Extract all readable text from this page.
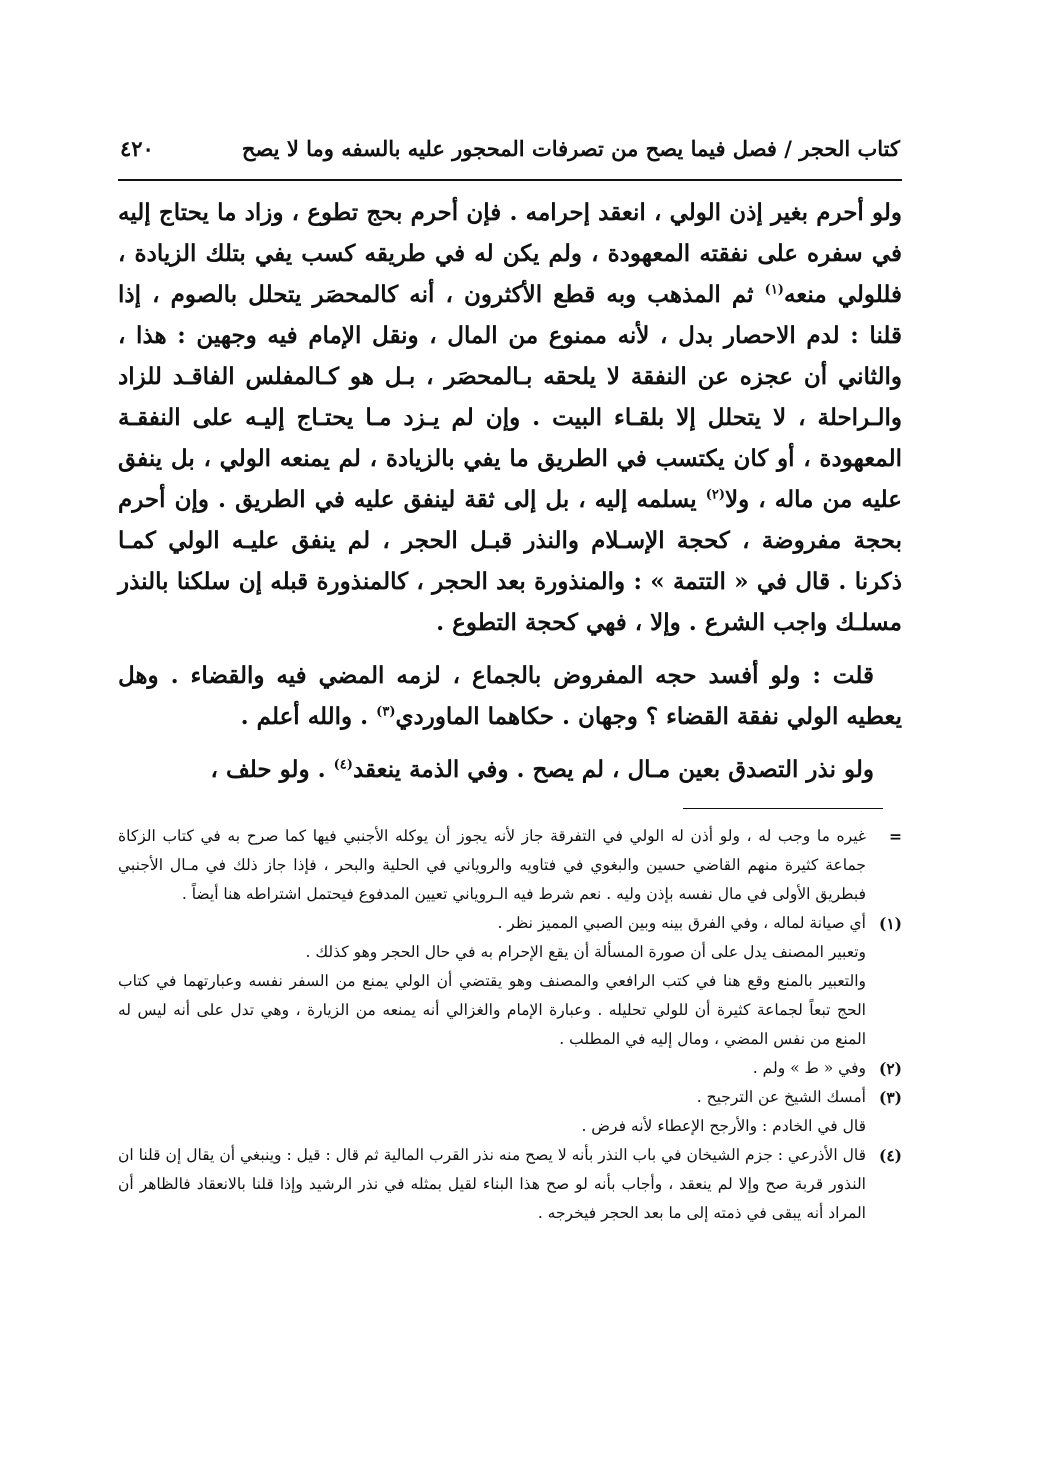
كتاب الحجر / فصل فيما يصح من تصرفات المحجور عليه بالسفه وما لا يصح
٤٢٠

ولو أحرم بغير إذن الولي ، انعقد إحرامه . فإن أحرم بحج تطوع ، وزاد ما يحتاج إليه في سفره على نفقته المعهودة ، ولم يكن له في طريقه كسب يفي بتلك الزيادة ، فللولي منعه$^{(١)}$ ثم المذهب وبه قطع الأكثرون ، أنه كالمحصَر يتحلل بالصوم ، إذا قلنا : لدم الاحصار بدل ، لأنه ممنوع من المال ، ونقل الإمام فيه وجهين : هذا ، والثاني أن عجزه عن النفقة لا يلحقه بـالمحصَر ، بـل هو كـالمفلس الفاقـد للزاد والـراحلة ، لا يتحلل إلا بلقـاء البيت . وإن لم يـزد مـا يحتـاج إليـه على النفقـة المعهودة ، أو كان يكتسب في الطريق ما يفي بالزيادة ، لم يمنعه الولي ، بل ينفق عليه من ماله ، ولا$^{(٢)}$ يسلمه إليه ، بل إلى ثقة لينفق عليه في الطريق . وإن أحرم بحجة مفروضة ، كحجة الإسـلام والنذر قبـل الحجر ، لم ينفق عليـه الولي كمـا ذكرنا . قال في « التتمة » : والمنذورة بعد الحجر ، كالمنذورة قبله إن سلكنا بالنذر مسلـك واجب الشرع . وإلا ، فهي كحجة التطوع .

قلت : ولو أفسد حجه المفروض بالجماع ، لزمه المضي فيه والقضاء . وهل يعطيه الولي نفقة القضاء ؟ وجهان . حكاهما الماوردي$^{(٣)}$ . والله أعلم .

ولو نذر التصدق بعين مـال ، لم يصح . وفي الذمة ينعقد$^{(٤)}$ . ولو حلف ،

=

غيره ما وجب له ، ولو أذن له الولي في التفرقة جاز لأنه يجوز أن يوكله الأجنبي فيها كما صرح به في كتاب الزكاة جماعة كثيرة منهم القاضي حسين والبغوي في فتاويه والروياني في الحلية والبحر ، فإذا جاز ذلك في مـال الأجنبي فبطريق الأولى في مال نفسه بإذن وليه . نعم شرط فيه الـروياني تعيين المدفوع فيحتمل اشتراطه هنا أيضاً .

(١)

أي صيانة لماله ، وفي الفرق بينه وبين الصبي المميز نظر .

وتعبير المصنف يدل على أن صورة المسألة أن يقع الإحرام به في حال الحجر وهو كذلك .

والتعبير بالمنع وقع هنا في كتب الرافعي والمصنف وهو يقتضي أن الولي يمنع من السفر نفسه وعبارتهما في كتاب الحج تبعاً لجماعة كثيرة أن للولي تحليله . وعبارة الإمام والغزالي أنه يمنعه من الزيارة ، وهي تدل على أنه ليس له المنع من نفس المضي ، ومال إليه في المطلب .

(٢)

وفي « ط » ولم .

(٣)

أمسك الشيخ عن الترجيح .

قال في الخادم : والأرجح الإعطاء لأنه فرض .

(٤)

قال الأذرعي : جزم الشيخان في باب النذر بأنه لا يصح منه نذر القرب المالية ثم قال : قيل : وينبغي أن يقال إن قلنا ان النذور قربة صح وإلا لم ينعقد ، وأجاب بأنه لو صح هذا البناء لقيل بمثله في نذر الرشيد وإذا قلنا بالانعقاد فالظاهر أن المراد أنه يبقى في ذمته إلى ما بعد الحجر فيخرجه .
